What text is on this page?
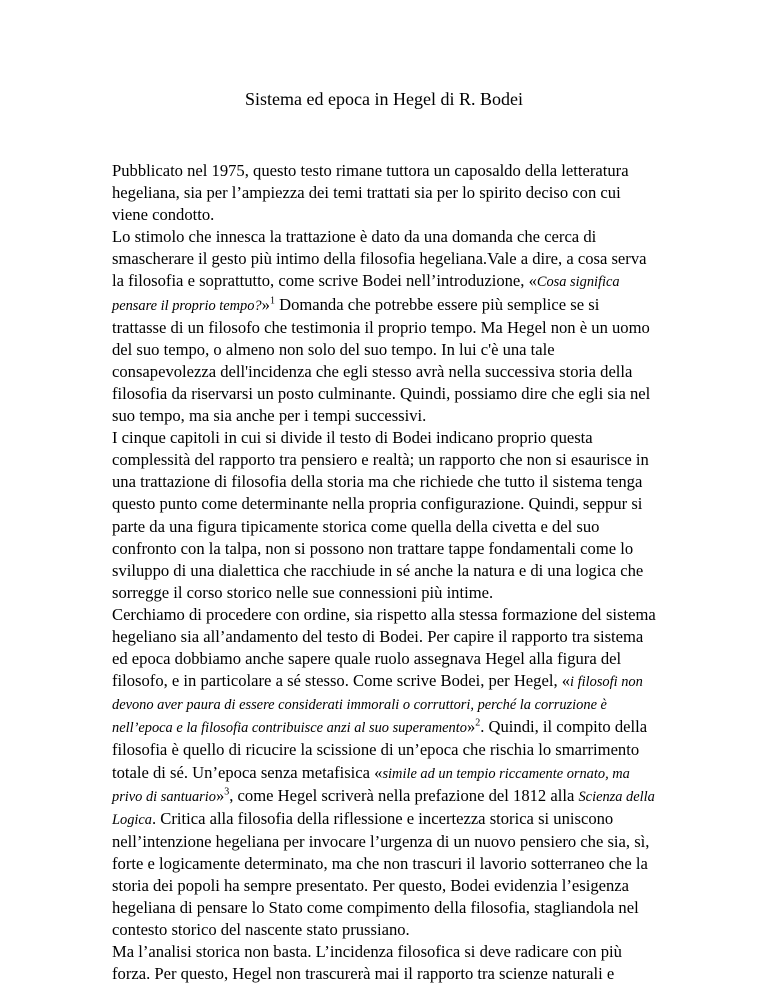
Sistema ed epoca in Hegel di R. Bodei

Pubblicato nel 1975, questo testo rimane tuttora un caposaldo della letteratura hegeliana, sia per l’ampiezza dei temi trattati sia per lo spirito deciso con cui viene condotto.

Lo stimolo che innesca la trattazione è dato da una domanda che cerca di smascherare il gesto più intimo della filosofia hegeliana.Vale a dire, a cosa serva la filosofia e soprattutto, come scrive Bodei nell’introduzione, «Cosa significa pensare il proprio tempo?»$^1$ Domanda che potrebbe essere più semplice se si trattasse di un filosofo che testimonia il proprio tempo. Ma Hegel non è un uomo del suo tempo, o almeno non solo del suo tempo. In lui c'è una tale consapevolezza dell'incidenza che egli stesso avrà nella successiva storia della filosofia da riservarsi un posto culminante. Quindi, possiamo dire che egli sia nel suo tempo, ma sia anche per i tempi successivi.

I cinque capitoli in cui si divide il testo di Bodei indicano proprio questa complessità del rapporto tra pensiero e realtà; un rapporto che non si esaurisce in una trattazione di filosofia della storia ma che richiede che tutto il sistema tenga questo punto come determinante nella propria configurazione. Quindi, seppur si parte da una figura tipicamente storica come quella della civetta e del suo confronto con la talpa, non si possono non trattare tappe fondamentali come lo sviluppo di una dialettica che racchiude in sé anche la natura e di una logica che sorregge il corso storico nelle sue connessioni più intime.

Cerchiamo di procedere con ordine, sia rispetto alla stessa formazione del sistema hegeliano sia all’andamento del testo di Bodei. Per capire il rapporto tra sistema ed epoca dobbiamo anche sapere quale ruolo assegnava Hegel alla figura del filosofo, e in particolare a sé stesso. Come scrive Bodei, per Hegel, «i filosofi non devono aver paura di essere considerati immorali o corruttori, perché la corruzione è nell’epoca e la filosofia contribuisce anzi al suo superamento»$^2$. Quindi, il compito della filosofia è quello di ricucire la scissione di un’epoca che rischia lo smarrimento totale di sé. Un’epoca senza metafisica «simile ad un tempio riccamente ornato, ma privo di santuario»$^3$, come Hegel scriverà nella prefazione del 1812 alla Scienza della Logica. Critica alla filosofia della riflessione e incertezza storica si uniscono nell’intenzione hegeliana per invocare l’urgenza di un nuovo pensiero che sia, sì, forte e logicamente determinato, ma che non trascuri il lavorio sotterraneo che la storia dei popoli ha sempre presentato. Per questo, Bodei evidenzia l’esigenza hegeliana di pensare lo Stato come compimento della filosofia, stagliandola nel contesto storico del nascente stato prussiano.

Ma l’analisi storica non basta. L’incidenza filosofica si deve radicare con più forza. Per questo, Hegel non trascurerà mai il rapporto tra scienze naturali e
